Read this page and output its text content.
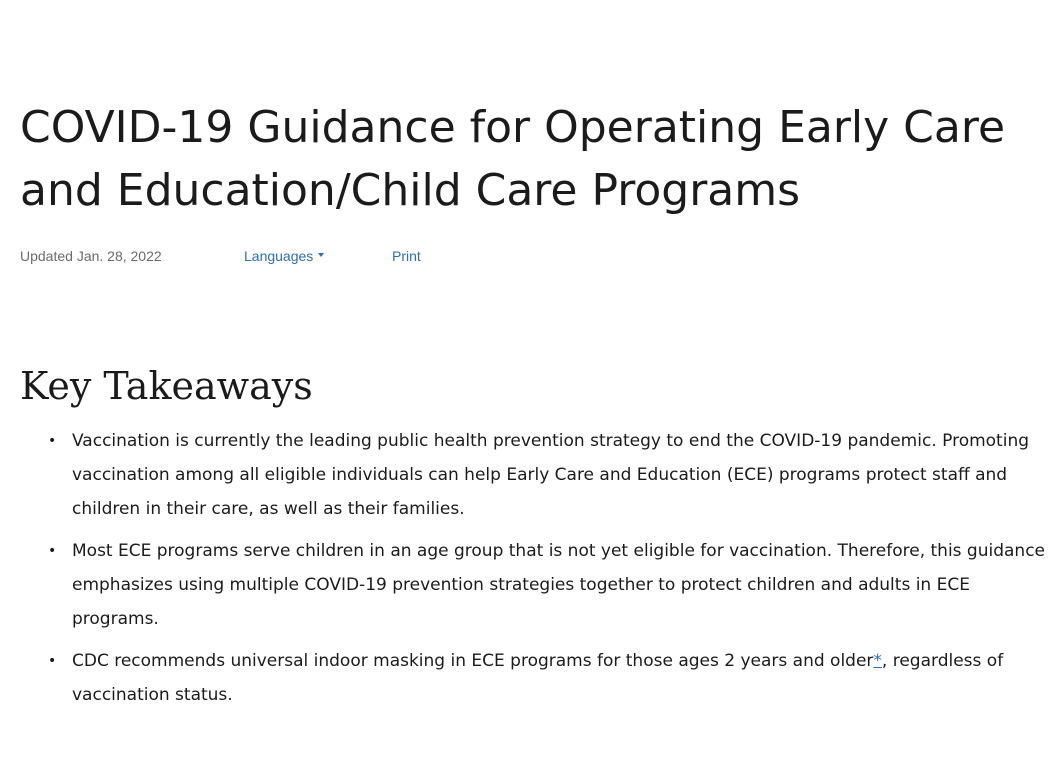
COVID-19 Guidance for Operating Early Care and Education/Child Care Programs
Updated Jan. 28, 2022	Languages	Print
Key Takeaways
• Vaccination is currently the leading public health prevention strategy to end the COVID-19 pandemic. Promoting vaccination among all eligible individuals can help Early Care and Education (ECE) programs protect staff and children in their care, as well as their families.
• Most ECE programs serve children in an age group that is not yet eligible for vaccination. Therefore, this guidance emphasizes using multiple COVID-19 prevention strategies together to protect children and adults in ECE programs.
• CDC recommends universal indoor masking in ECE programs for those ages 2 years and older*, regardless of vaccination status.
